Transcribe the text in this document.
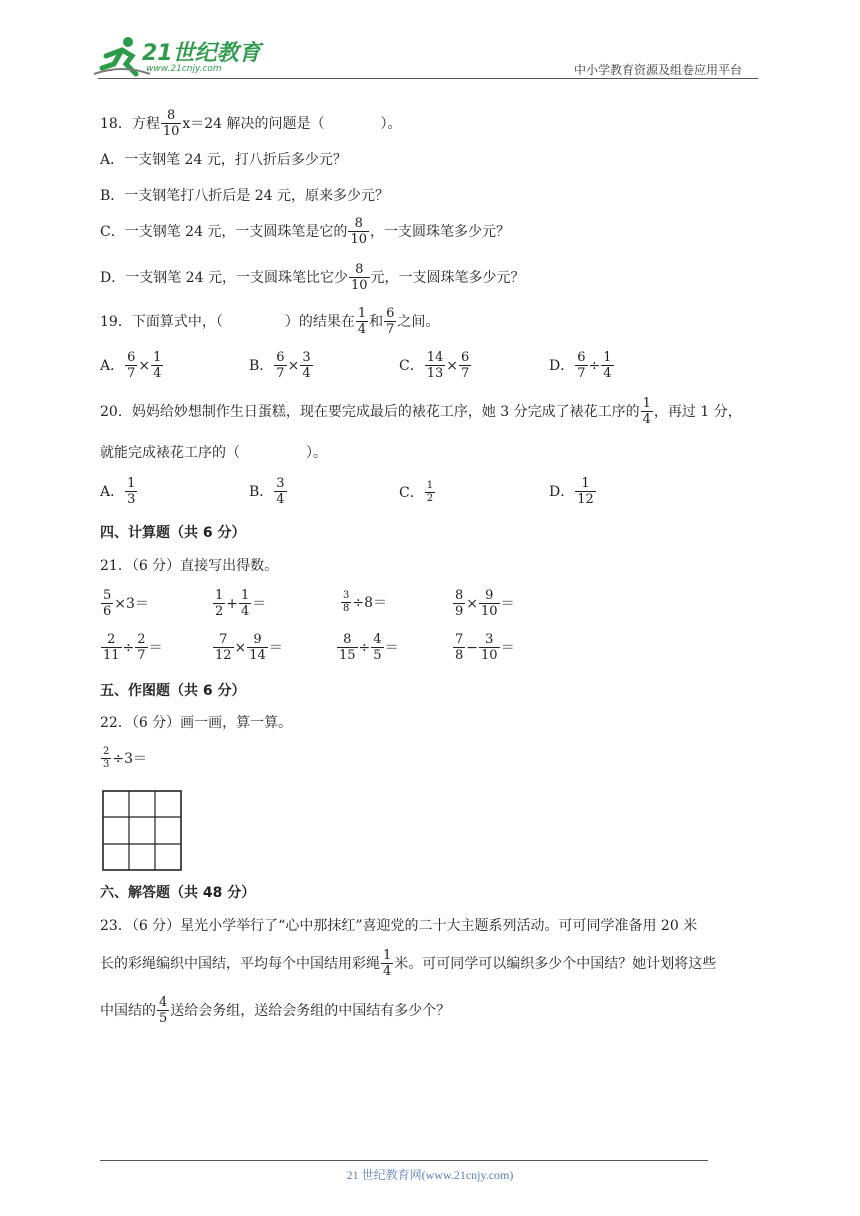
21世纪教育
www.21cnjy.com	中小学教育资源及组卷应用平台
18．方程 $\frac{8}{10} x=24$ 解决的问题是（	）。
A．一支钢笔 24 元，打八折后多少元？
B．一支钢笔打八折后是 24 元，原来多少元？
C．一支钢笔 24 元，一支圆珠笔是它的 $\frac{8}{10}$ ，一支圆珠笔多少元？
D．一支钢笔 24 元，一支圆珠笔比它少 $\frac{8}{10}$ 元，一支圆珠笔多少元？
19．下面算式中，（	）的结果在 $\frac{1}{4}$ 和 $\frac{6}{7}$ 之间。
A． $\frac{6}{7} \times \frac{1}{4}$	B． $\frac{6}{7} \times \frac{3}{4}$	C． $\frac{14}{13} \times \frac{6}{7}$	D． $\frac{6}{7} \div \frac{1}{4}$
20．妈妈给妙想制作生日蛋糕，现在要完成最后的裱花工序，她 3 分完成了裱花工序的 $\frac{1}{4}$ ，再过 1 分，
就能完成裱花工序的（	）。
A． $\frac{1}{3}$	B． $\frac{3}{4}$	C． $\frac{1}{2}$	D． $\frac{1}{12}$
四、计算题（共 6 分）
21．（6 分）直接写出得数。
$\frac{5}{6} \times 3=$	$\frac{1}{2} + \frac{1}{4}$ ＝	$\frac{3}{8} \div 8=$	$\frac{8}{9} \times \frac{9}{10}$ ＝
$\frac{2}{11} \div \frac{2}{7}$ ＝	$\frac{7}{12} \times \frac{9}{14}$ ＝	$\frac{8}{15} \div \frac{4}{5}$ ＝	$\frac{7}{8} - \frac{3}{10}$ ＝
五、作图题（共 6 分）
22．（6 分）画一画，算一算。
$\frac{2}{3} \div 3=$
六、解答题（共 48 分）
23．（6 分）星光小学举行了“心中那抹红”喜迎党的二十大主题系列活动。可可同学准备用 20 米
长的彩绳编织中国结，平均每个中国结用彩绳 $\frac{1}{4}$ 米。可可同学可以编织多少个中国结？她计划将这些
中国结的 $\frac{4}{5}$ 送给会务组，送给会务组的中国结有多少个？
21 世纪教育网(www.21cnjy.com)
